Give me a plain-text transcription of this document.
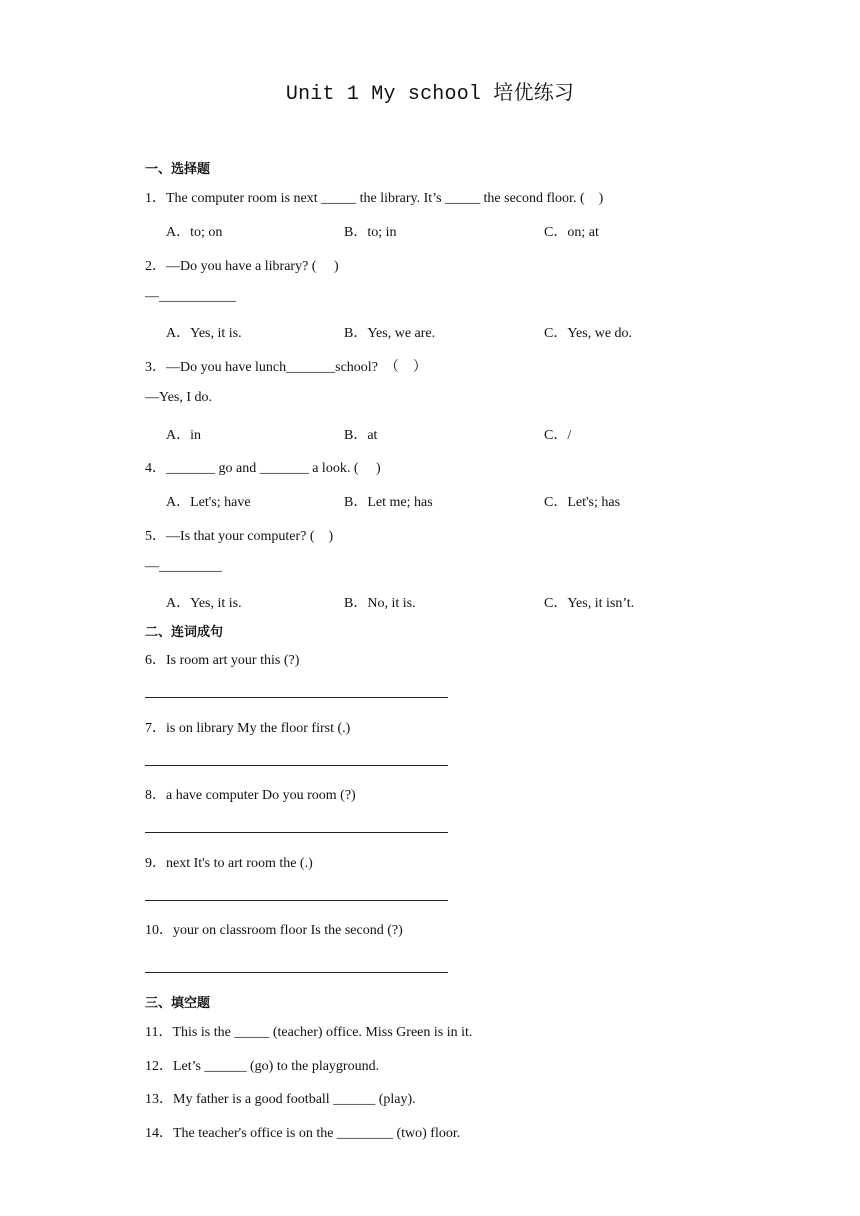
Unit 1 My school 培优练习
一、选择题
1．The computer room is next _____ the library. It’s _____ the second floor. (    )
A．to; on	B．to; in	C．on; at
2．—Do you have a library? (     )
—___________
A．Yes, it is.	B．Yes, we are.	C．Yes, we do.
3．—Do you have lunch_______school?  （    ）
—Yes, I do.
A．in	B．at	C．/
4．_______ go and _______ a look. (     )
A．Let's; have	B．Let me; has	C．Let's; has
5．—Is that your computer? (    )
—_________
A．Yes, it is.	B．No, it is.	C．Yes, it isn’t.
二、连词成句
6．Is room art your this (?)
7．is on library My the floor first (.)
8．a have computer Do you room (?)
9．next It's to art room the (.)
10．your on classroom floor Is the second (?)
三、填空题
11．This is the _____ (teacher) office. Miss Green is in it.
12．Let’s ______ (go) to the playground.
13．My father is a good football ______ (play).
14．The teacher's office is on the ________ (two) floor.
